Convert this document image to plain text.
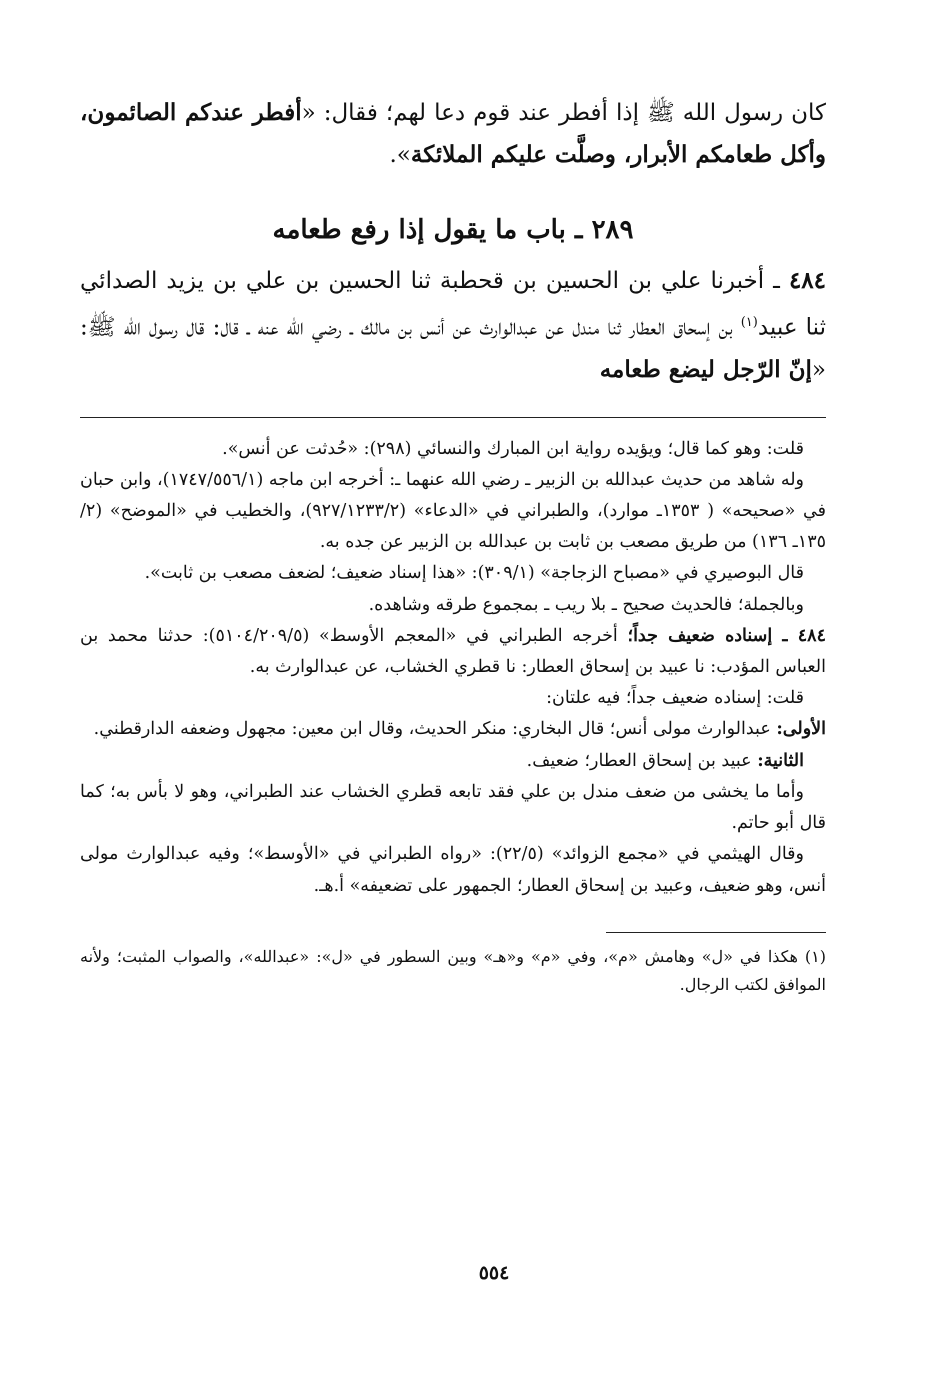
كان رسول الله ﷺ إذا أفطر عند قوم دعا لهم؛ فقال: «أفطر عندكم الصائمون، وأكل طعامكم الأبرار، وصلَّت عليكم الملائكة».

٢٨٩ ـ باب ما يقول إذا رفع طعامه

٤٨٤ ـ أخبرنا علي بن الحسين بن قحطبة ثنا الحسين بن علي بن يزيد الصدائي ثنا عبيد$^{(١)}$ بن إسحاق العطار ثنا مندل عن عبدالوارث عن أنس بن مالك ـ رضي الله عنه ـ قال: قال رسول الله ﷺ: «إنّ الرّجل ليضع طعامه

قلت: وهو كما قال؛ ويؤيده رواية ابن المبارك والنسائي (٢٩٨): «حُدثت عن أنس».

وله شاهد من حديث عبدالله بن الزبير ـ رضي الله عنهما ـ: أخرجه ابن ماجه (١٧٤٧/٥٥٦/١)، وابن حبان في «صحيحه» ( ١٣٥٣ـ موارد)، والطبراني في «الدعاء» (٩٢٧/١٢٣٣/٢)، والخطيب في «الموضح» (٢/ ١٣٥ـ ١٣٦) من طريق مصعب بن ثابت بن عبدالله بن الزبير عن جده به.

قال البوصيري في «مصباح الزجاجة» (٣٠٩/١): «هذا إسناد ضعيف؛ لضعف مصعب بن ثابت».

وبالجملة؛ فالحديث صحيح ـ بلا ريب ـ بمجموع طرقه وشاهده.

٤٨٤ ـ إسناده ضعيف جداً؛ أخرجه الطبراني في «المعجم الأوسط» (٥١٠٤/٢٠٩/٥): حدثنا محمد بن العباس المؤدب: نا عبيد بن إسحاق العطار: نا قطري الخشاب، عن عبدالوارث به.

قلت: إسناده ضعيف جداً؛ فيه علتان:

الأولى: عبدالوارث مولى أنس؛ قال البخاري: منكر الحديث، وقال ابن معين: مجهول وضعفه الدارقطني.

الثانية: عبيد بن إسحاق العطار؛ ضعيف.

وأما ما يخشى من ضعف مندل بن علي فقد تابعه قطري الخشاب عند الطبراني، وهو لا بأس به؛ كما قال أبو حاتم.

وقال الهيثمي في «مجمع الزوائد» (٢٢/٥): «رواه الطبراني في «الأوسط»؛ وفيه عبدالوارث مولى أنس، وهو ضعيف، وعبيد بن إسحاق العطار؛ الجمهور على تضعيفه» أ.هـ.

(١) هكذا في «ل» وهامش «م»، وفي «م» و«هـ» وبين السطور في «ل»: «عبدالله»، والصواب المثبت؛ ولأنه الموافق لكتب الرجال.

٥٥٤
